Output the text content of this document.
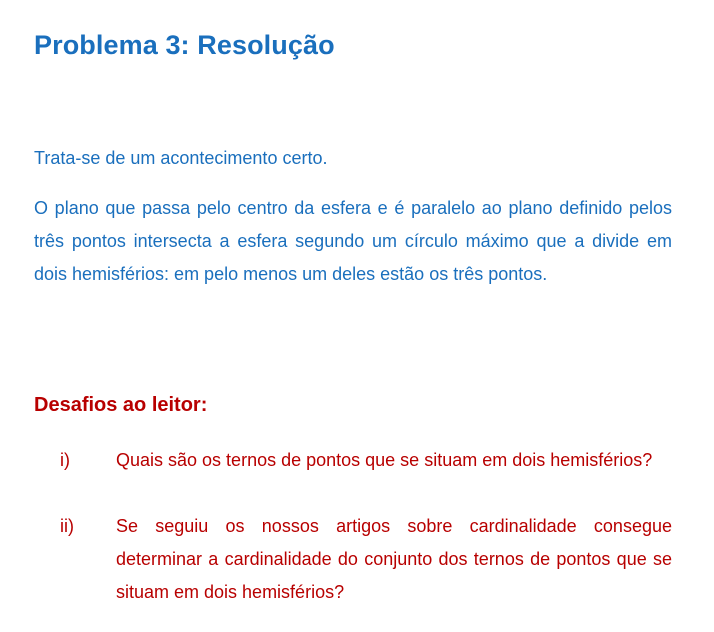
Problema 3: Resolução

Trata-se de um acontecimento certo.

O plano que passa pelo centro da esfera e é paralelo ao plano definido pelos três pontos intersecta a esfera segundo um círculo máximo que a divide em dois hemisférios: em pelo menos um deles estão os três pontos.

Desafios ao leitor:
i)	Quais são os ternos de pontos que se situam em dois hemisférios?

ii) Se seguiu os nossos artigos sobre cardinalidade consegue determinar a cardinalidade do conjunto dos ternos de pontos que se situam em dois hemisférios?
